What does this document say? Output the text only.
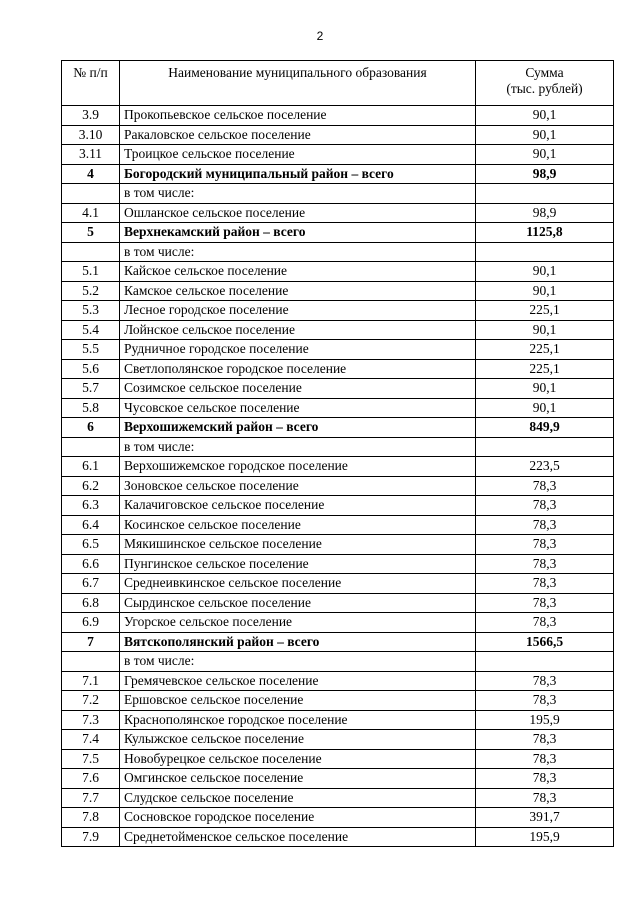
2
№ п/п	Наименование муниципального образования	Сумма
(тыс. рублей)
3.9	Прокопьевское сельское поселение	90,1
3.10	Ракаловское сельское поселение	90,1
3.11	Троицкое сельское поселение	90,1
4	Богородский муниципальный район – всего	98,9
	в том числе:	
4.1	Ошланское сельское поселение	98,9
5	Верхнекамский район – всего	1125,8
	в том числе:	
5.1	Кайское сельское поселение	90,1
5.2	Камское сельское поселение	90,1
5.3	Лесное городское поселение	225,1
5.4	Лойнское сельское поселение	90,1
5.5	Рудничное городское поселение	225,1
5.6	Светлополянское городское поселение	225,1
5.7	Созимское сельское поселение	90,1
5.8	Чусовское сельское поселение	90,1
6	Верхошижемский район – всего	849,9
	в том числе:	
6.1	Верхошижемское городское поселение	223,5
6.2	Зоновское сельское поселение	78,3
6.3	Калачиговское сельское поселение	78,3
6.4	Косинское сельское поселение	78,3
6.5	Мякишинское сельское поселение	78,3
6.6	Пунгинское сельское поселение	78,3
6.7	Среднеивкинское сельское поселение	78,3
6.8	Сырдинское сельское поселение	78,3
6.9	Угорское сельское поселение	78,3
7	Вятскополянский район – всего	1566,5
	в том числе:	
7.1	Гремячевское сельское поселение	78,3
7.2	Ершовское сельское поселение	78,3
7.3	Краснополянское городское поселение	195,9
7.4	Кулыжское сельское поселение	78,3
7.5	Новобурецкое сельское поселение	78,3
7.6	Омгинское сельское поселение	78,3
7.7	Слудское сельское поселение	78,3
7.8	Сосновское городское поселение	391,7
7.9	Среднетойменское сельское поселение	195,9
